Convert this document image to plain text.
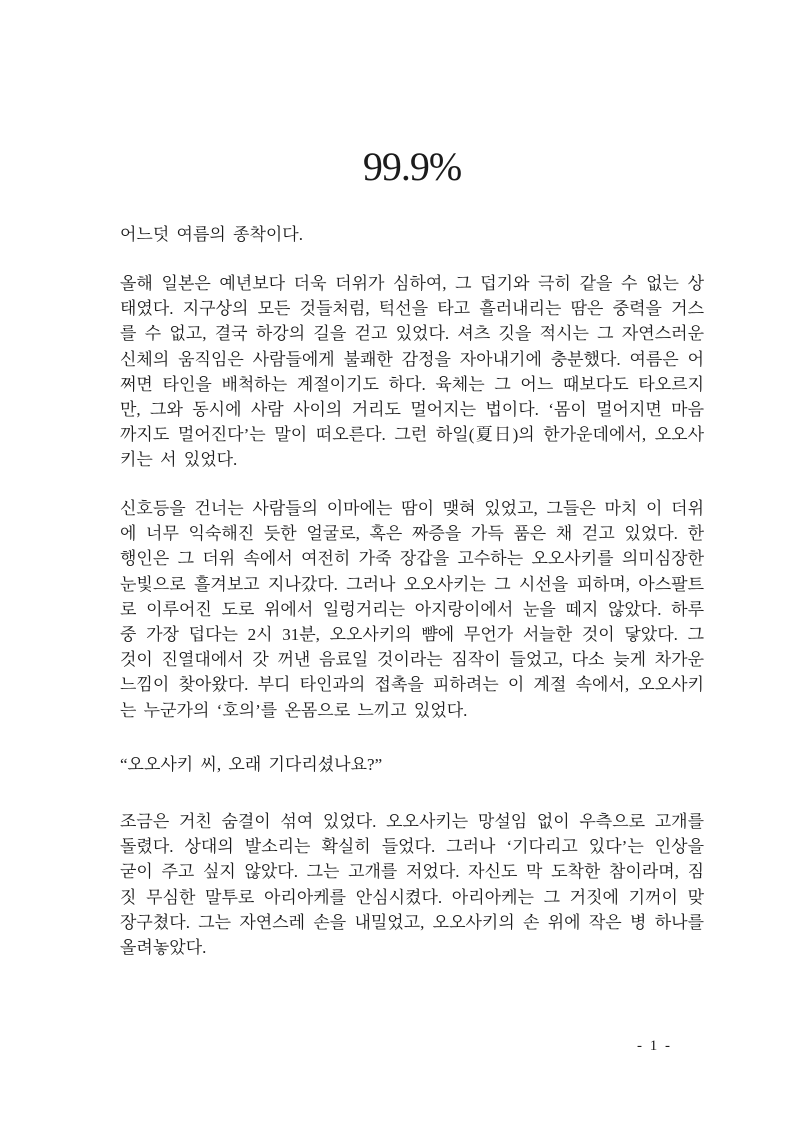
99.9%
어느덧 여름의 종착이다.
올해 일본은 예년보다 더욱 더위가 심하여, 그 덥기와 극히 같을 수 없는 상
태였다. 지구상의 모든 것들처럼, 턱선을 타고 흘러내리는 땀은 중력을 거스
를 수 없고, 결국 하강의 길을 걷고 있었다. 셔츠 깃을 적시는 그 자연스러운
신체의 움직임은 사람들에게 불쾌한 감정을 자아내기에 충분했다. 여름은 어
쩌면 타인을 배척하는 계절이기도 하다. 육체는 그 어느 때보다도 타오르지
만, 그와 동시에 사람 사이의 거리도 멀어지는 법이다. ‘몸이 멀어지면 마음
까지도 멀어진다’는 말이 떠오른다. 그런 하일(夏日)의 한가운데에서, 오오사
키는 서 있었다.
신호등을 건너는 사람들의 이마에는 땀이 맺혀 있었고, 그들은 마치 이 더위
에 너무 익숙해진 듯한 얼굴로, 혹은 짜증을 가득 품은 채 걷고 있었다. 한
행인은 그 더위 속에서 여전히 가죽 장갑을 고수하는 오오사키를 의미심장한
눈빛으로 흘겨보고 지나갔다. 그러나 오오사키는 그 시선을 피하며, 아스팔트
로 이루어진 도로 위에서 일렁거리는 아지랑이에서 눈을 떼지 않았다. 하루
중 가장 덥다는 2시 31분, 오오사키의 뺨에 무언가 서늘한 것이 닿았다. 그
것이 진열대에서 갓 꺼낸 음료일 것이라는 짐작이 들었고, 다소 늦게 차가운
느낌이 찾아왔다. 부디 타인과의 접촉을 피하려는 이 계절 속에서, 오오사키
는 누군가의 ‘호의’를 온몸으로 느끼고 있었다.
“오오사키 씨, 오래 기다리셨나요?”
조금은 거친 숨결이 섞여 있었다. 오오사키는 망설임 없이 우측으로 고개를
돌렸다. 상대의 발소리는 확실히 들었다. 그러나 ‘기다리고 있다’는 인상을
굳이 주고 싶지 않았다. 그는 고개를 저었다. 자신도 막 도착한 참이라며, 짐
짓 무심한 말투로 아리아케를 안심시켰다. 아리아케는 그 거짓에 기꺼이 맞
장구쳤다. 그는 자연스레 손을 내밀었고, 오오사키의 손 위에 작은 병 하나를
올려놓았다.
- 1 -
